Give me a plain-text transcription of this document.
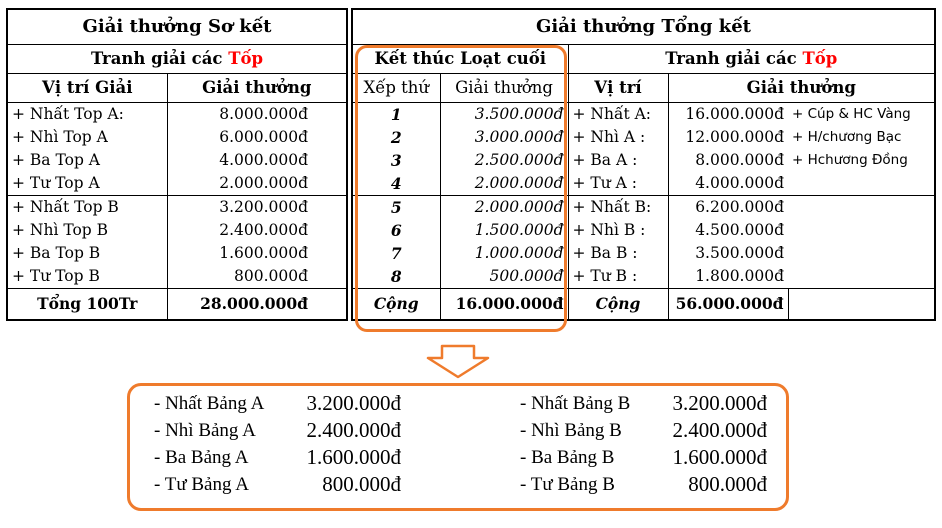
Giải thưởng Sơ kết	
Tranh giải các Tốp	
Vị trí Giải	Giải thưởng
+ Nhất Top A:	8.000.000đ
+ Nhì Top A	6.000.000đ
+ Ba Top A	4.000.000đ
+ Tư Top A	2.000.000đ
+ Nhất Top B	3.200.000đ
+ Nhì Top B	2.400.000đ
+ Ba Top B	1.600.000đ
+ Tư Top B	800.000đ
Tổng 100Tr	28.000.000đ
Giải thưởng Tổng kết				
Kết thúc Loạt cuối		Tranh giải các Tốp		
Xếp thứ	Giải thưởng	Vị trí	Giải thưởng	
1	3.500.000đ	+ Nhất A:	16.000.000đ	+ Cúp & HC Vàng
2	3.000.000đ	+ Nhì A :	12.000.000đ	+ H/chương Bạc
3	2.500.000đ	+ Ba A :	8.000.000đ	+ Hchương Đồng
4	2.000.000đ	+ Tư A :	4.000.000đ	
5	2.000.000đ	+ Nhất B:	6.200.000đ	
6	1.500.000đ	+ Nhì B :	4.500.000đ	
7	1.000.000đ	+ Ba B :	3.500.000đ	
8	500.000đ	+ Tư B :	1.800.000đ	
Cộng	16.000.000đ	Cộng	56.000.000đ	
- Nhất Bảng A	3.200.000đ
- Nhì Bảng A	2.400.000đ
- Ba Bảng A	1.600.000đ
- Tư Bảng A	800.000đ
- Nhất Bảng B	3.200.000đ
- Nhì Bảng B	2.400.000đ
- Ba Bảng B	1.600.000đ
- Tư Bảng B	800.000đ
